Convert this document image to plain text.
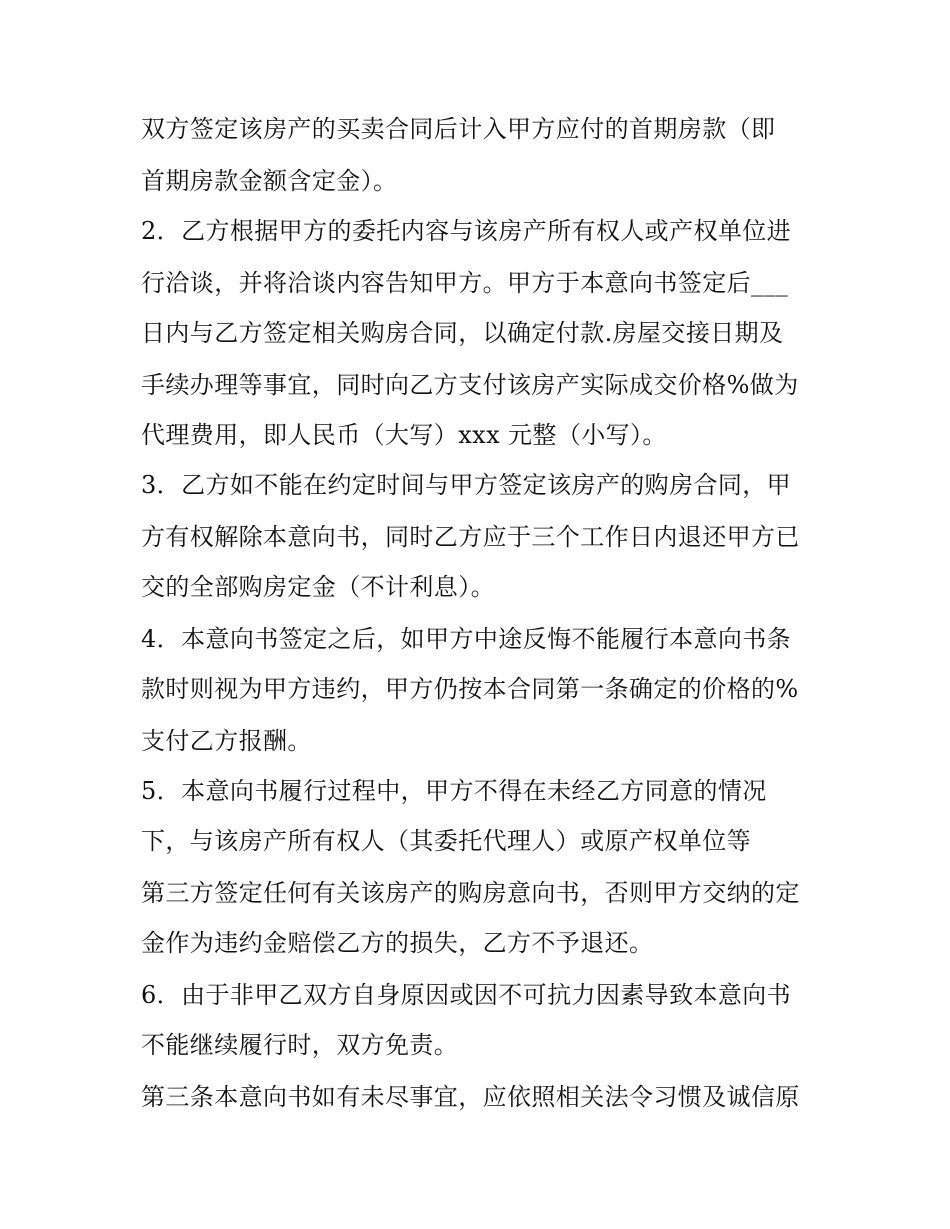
双方签定该房产的买卖合同后计入甲方应付的首期房款（即
首期房款金额含定金）。
2．乙方根据甲方的委托内容与该房产所有权人或产权单位进
行洽谈，并将洽谈内容告知甲方。甲方于本意向书签定后___
日内与乙方签定相关购房合同，以确定付款.房屋交接日期及
手续办理等事宜，同时向乙方支付该房产实际成交价格%做为
代理费用，即人民币（大写）xxx 元整（小写）。
3．乙方如不能在约定时间与甲方签定该房产的购房合同，甲
方有权解除本意向书，同时乙方应于三个工作日内退还甲方已
交的全部购房定金（不计利息）。
4．本意向书签定之后，如甲方中途反悔不能履行本意向书条
款时则视为甲方违约，甲方仍按本合同第一条确定的价格的%
支付乙方报酬。
5．本意向书履行过程中，甲方不得在未经乙方同意的情况
下，与该房产所有权人（其委托代理人）或原产权单位等
第三方签定任何有关该房产的购房意向书，否则甲方交纳的定
金作为违约金赔偿乙方的损失，乙方不予退还。
6．由于非甲乙双方自身原因或因不可抗力因素导致本意向书
不能继续履行时，双方免责。
第三条本意向书如有未尽事宜，应依照相关法令习惯及诚信原
